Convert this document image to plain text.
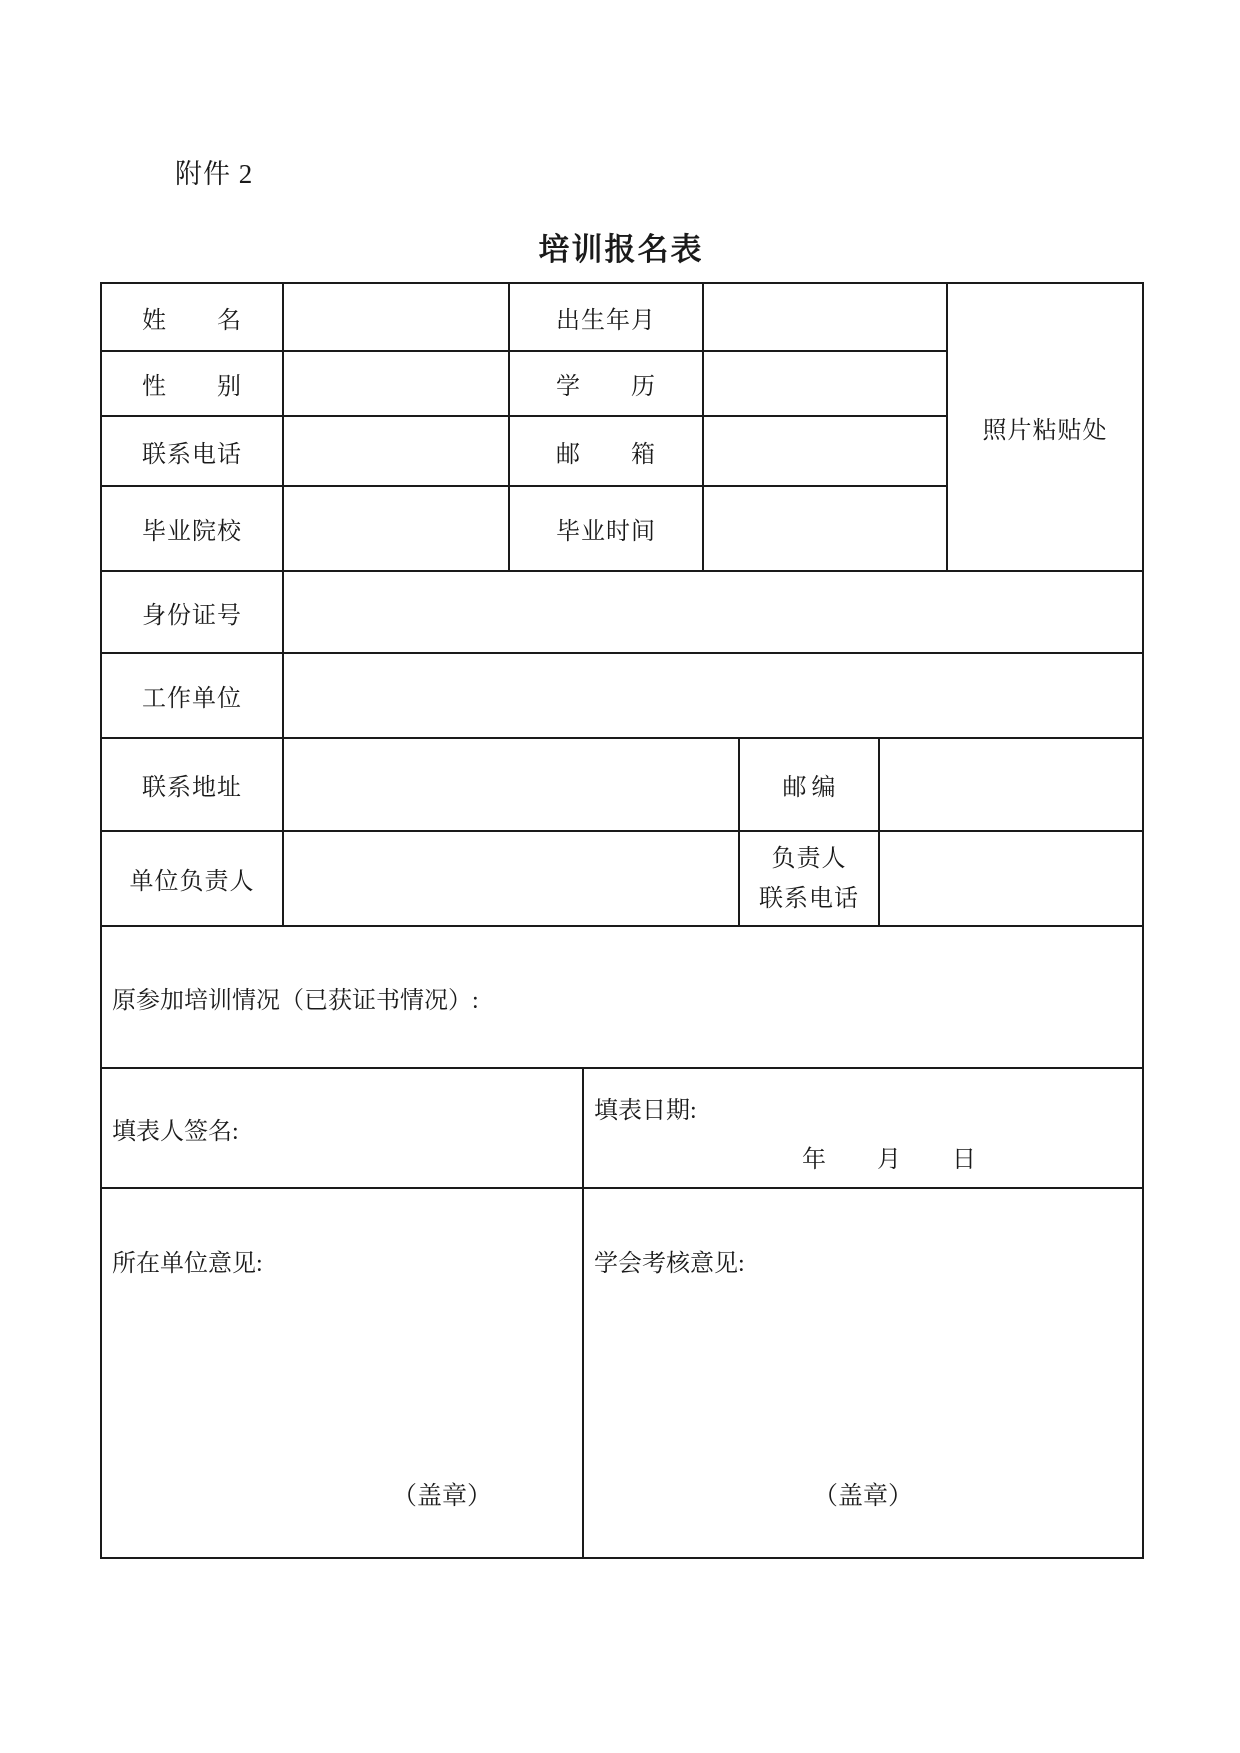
附件 2
培训报名表
姓　　名		出生年月					照片粘贴处
性　　别		学　　历					
联系电话		邮　　箱					
毕业院校		毕业时间					
身份证号							
工作单位							
联系地址					邮编		
单位负责人					负责人
联系电话		

原参加培训情况（已获证书情况）:							

填表人签名:			填表日期:
年　　月　　日				

所在单位意见:
（盖章）

学会考核意见:
（盖章）
